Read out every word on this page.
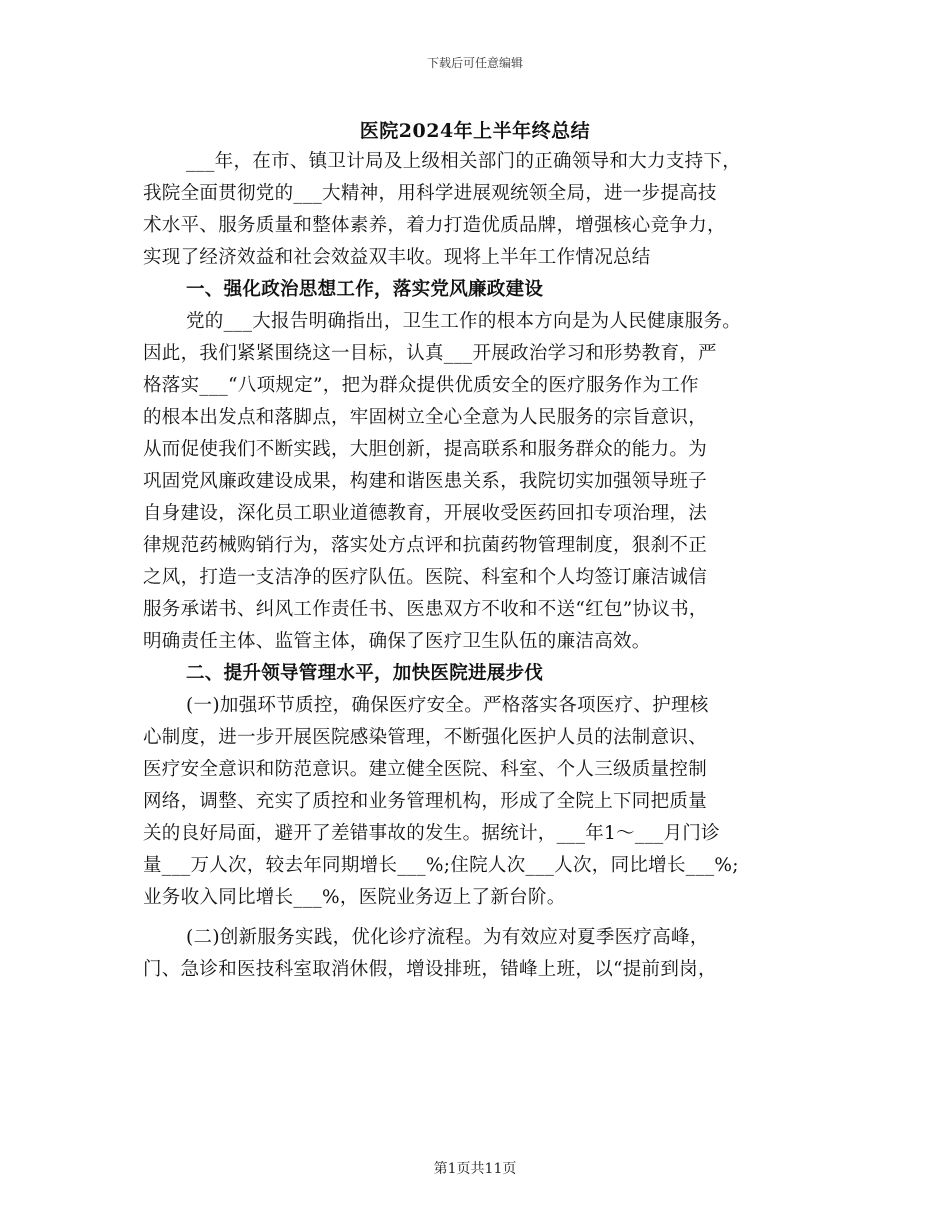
下载后可任意编辑
医院2024年上半年终总结
___年，在市、镇卫计局及上级相关部门的正确领导和大力支持下，
我院全面贯彻党的___大精神，用科学进展观统领全局，进一步提高技
术水平、服务质量和整体素养，着力打造优质品牌，增强核心竞争力，
实现了经济效益和社会效益双丰收。现将上半年工作情况总结
一、强化政治思想工作，落实党风廉政建设
党的___大报告明确指出，卫生工作的根本方向是为人民健康服务。
因此，我们紧紧围绕这一目标，认真___开展政治学习和形势教育，严
格落实___“八项规定”，把为群众提供优质安全的医疗服务作为工作
的根本出发点和落脚点，牢固树立全心全意为人民服务的宗旨意识，
从而促使我们不断实践，大胆创新，提高联系和服务群众的能力。为
巩固党风廉政建设成果，构建和谐医患关系，我院切实加强领导班子
自身建设，深化员工职业道德教育，开展收受医药回扣专项治理，法
律规范药械购销行为，落实处方点评和抗菌药物管理制度，狠刹不正
之风，打造一支洁净的医疗队伍。医院、科室和个人均签订廉洁诚信
服务承诺书、纠风工作责任书、医患双方不收和不送“红包”协议书，
明确责任主体、监管主体，确保了医疗卫生队伍的廉洁高效。
二、提升领导管理水平，加快医院进展步伐
(一)加强环节质控，确保医疗安全。严格落实各项医疗、护理核
心制度，进一步开展医院感染管理，不断强化医护人员的法制意识、
医疗安全意识和防范意识。建立健全医院、科室、个人三级质量控制
网络，调整、充实了质控和业务管理机构，形成了全院上下同把质量
关的良好局面，避开了差错事故的发生。据统计，___年1～___月门诊
量___万人次，较去年同期增长___%;住院人次___人次，同比增长___%;
业务收入同比增长___%，医院业务迈上了新台阶。
(二)创新服务实践，优化诊疗流程。为有效应对夏季医疗高峰，
门、急诊和医技科室取消休假，增设排班，错峰上班，以“提前到岗，
第1页共11页
